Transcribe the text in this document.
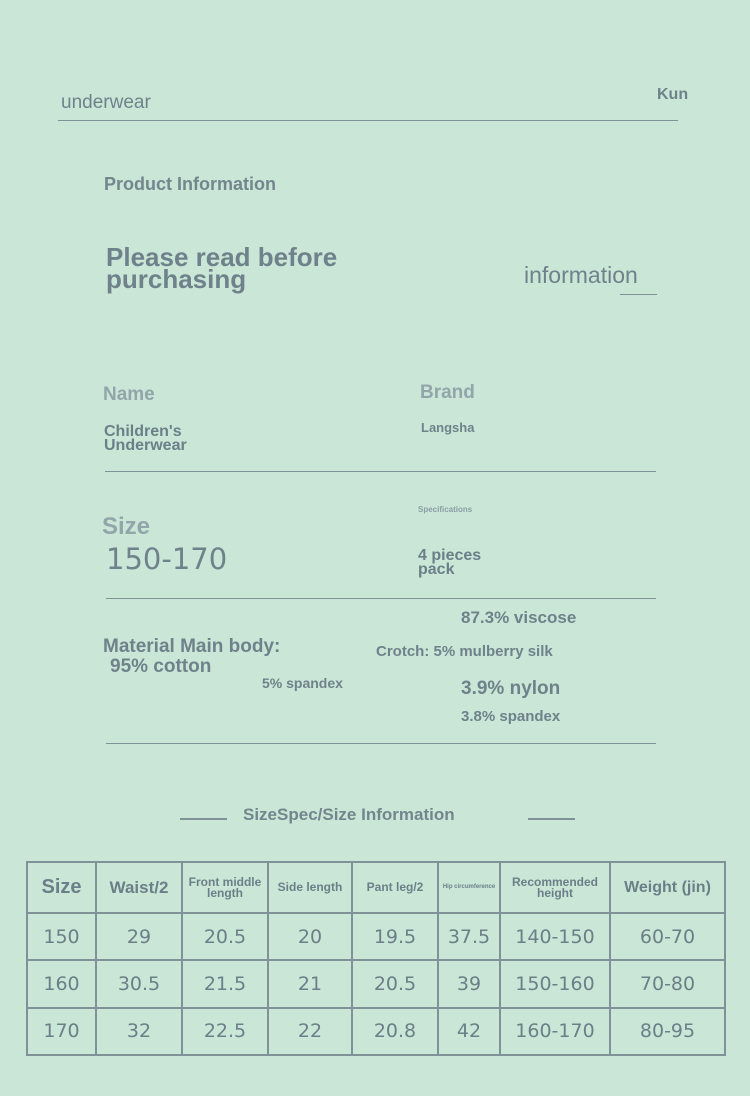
underwear	Kun
Product Information
Please read before purchasing	information
Name
Children's Underwear
Brand
Langsha
Size
150-170
Specifications
4 pieces pack
Material Main body:
95% cotton
5% spandex
Crotch: 5% mulberry silk
87.3% viscose
3.9% nylon
3.8% spandex
SizeSpec/Size Information
Size	Waist/2	Front middle length	Side length	Pant leg/2	Hip circumference	Recommended height	Weight (jin)
150	29	20.5	20	19.5	37.5	140-150	60-70
160	30.5	21.5	21	20.5	39	150-160	70-80
170	32	22.5	22	20.8	42	160-170	80-95
